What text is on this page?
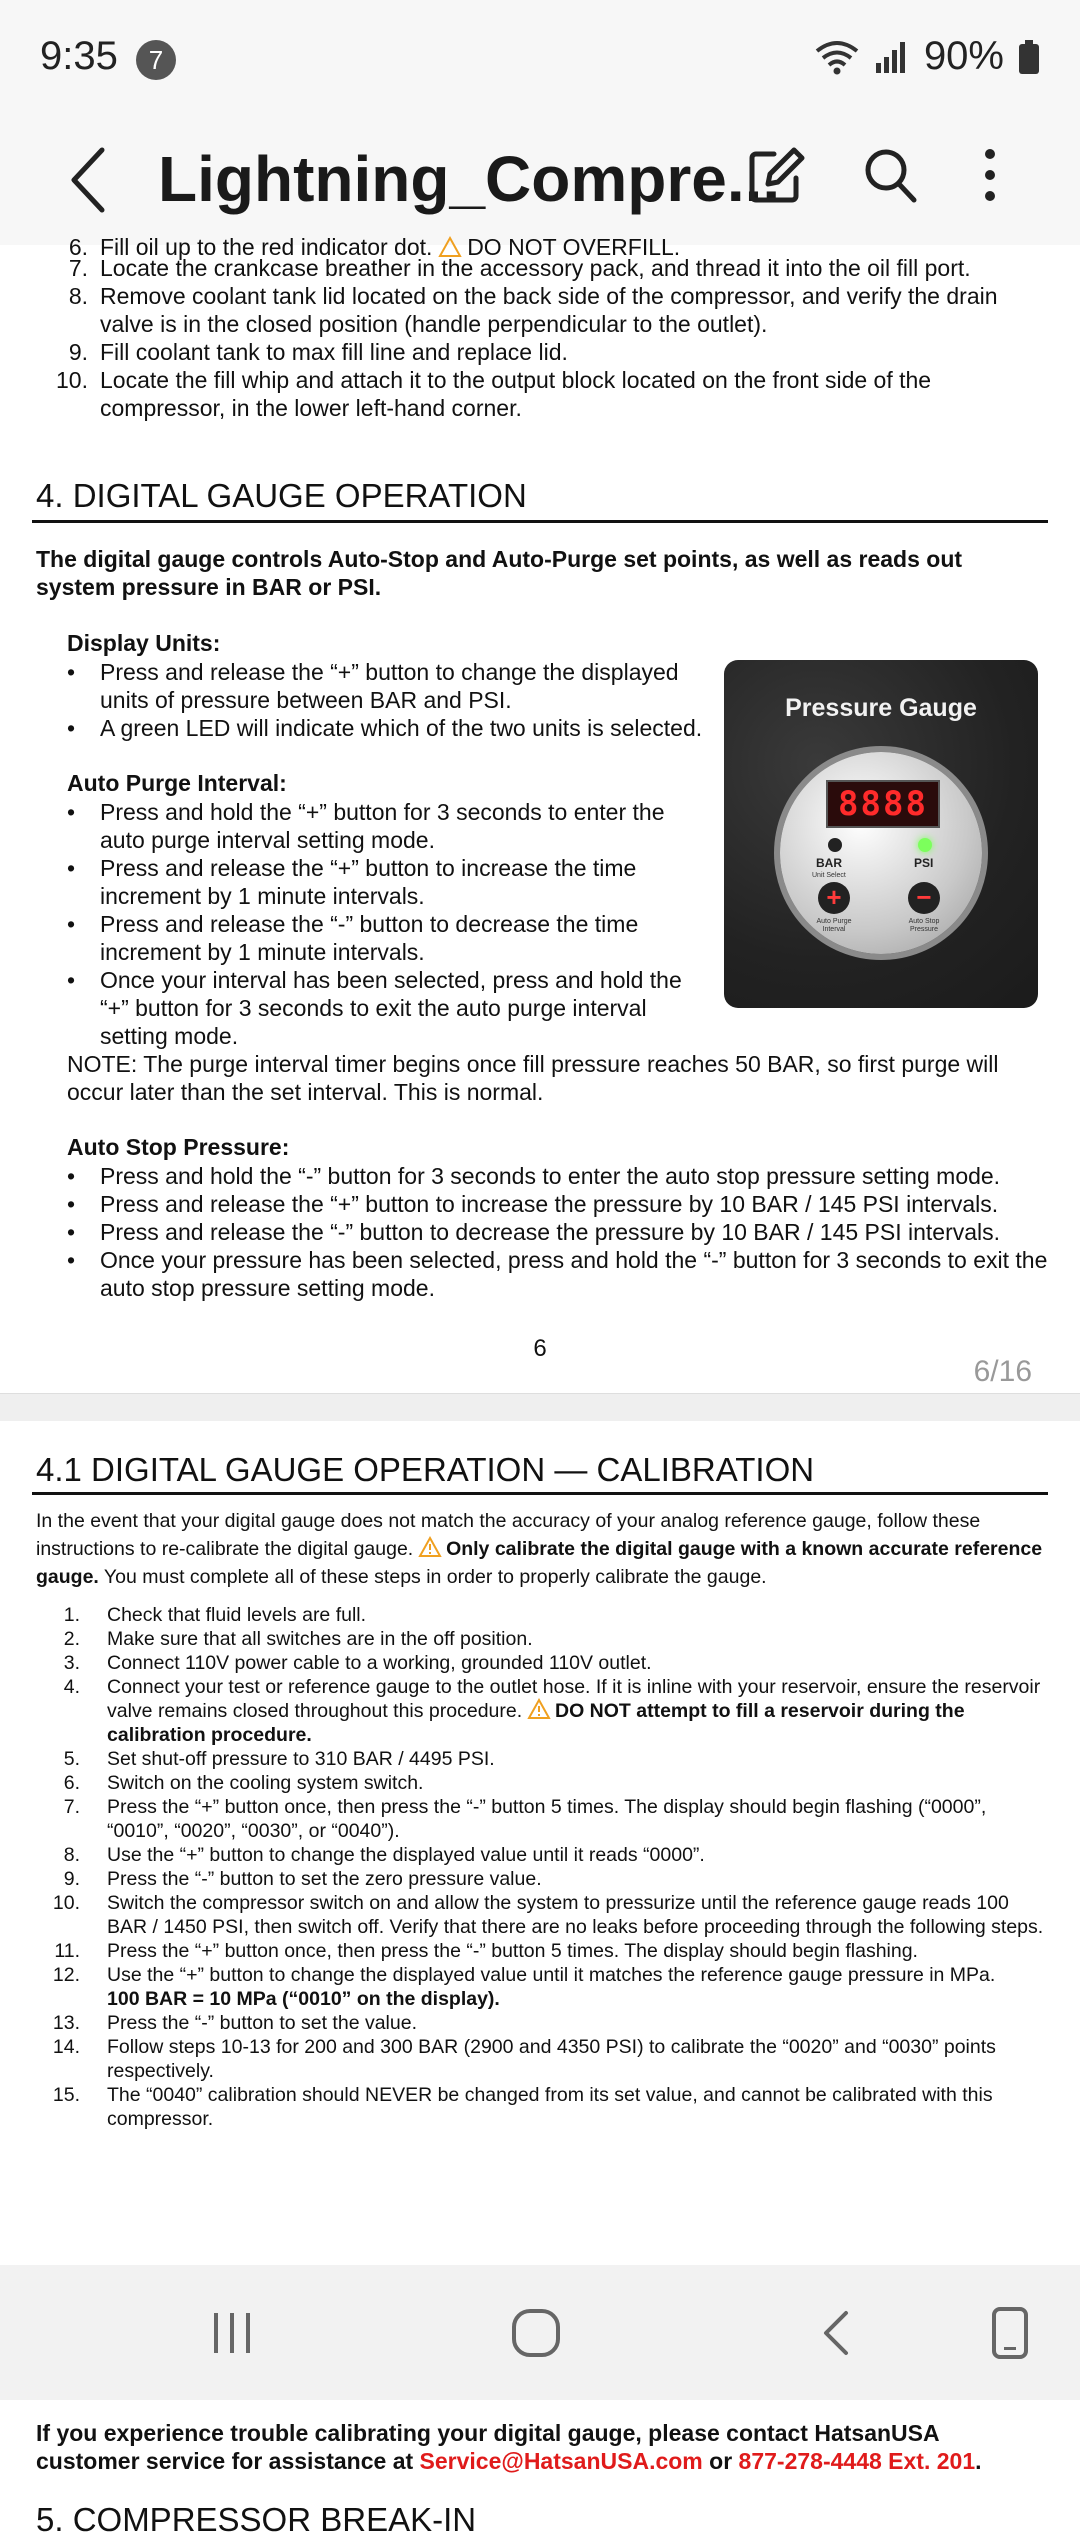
9:35	7	90%
Lightning_Compre...
6. Fill oil up to the red indicator dot. DO NOT OVERFILL.
7. Locate the crankcase breather in the accessory pack, and thread it into the oil fill port.
8. Remove coolant tank lid located on the back side of the compressor, and verify the drain valve is in the closed position (handle perpendicular to the outlet).
9. Fill coolant tank to max fill line and replace lid.
10. Locate the fill whip and attach it to the output block located on the front side of the compressor, in the lower left-hand corner.
4. DIGITAL GAUGE OPERATION
The digital gauge controls Auto-Stop and Auto-Purge set points, as well as reads out system pressure in BAR or PSI.
Display Units:
• Press and release the “+” button to change the displayed units of pressure between BAR and PSI.
• A green LED will indicate which of the two units is selected.
Auto Purge Interval:
• Press and hold the “+” button for 3 seconds to enter the auto purge interval setting mode.
• Press and release the “+” button to increase the time increment by 1 minute intervals.
• Press and release the “-” button to decrease the time increment by 1 minute intervals.
• Once your interval has been selected, press and hold the “+” button for 3 seconds to exit the auto purge interval setting mode.
NOTE: The purge interval timer begins once fill pressure reaches 50 BAR, so first purge will occur later than the set interval. This is normal.
Auto Stop Pressure:
• Press and hold the “-” button for 3 seconds to enter the auto stop pressure setting mode.
• Press and release the “+” button to increase the pressure by 10 BAR / 145 PSI intervals.
• Press and release the “-” button to decrease the pressure by 10 BAR / 145 PSI intervals.
• Once your pressure has been selected, press and hold the “-” button for 3 seconds to exit the auto stop pressure setting mode.
Pressure Gauge
8888
BAR	PSI
Unit Select
+	−
Auto Purge Interval
Auto Stop Pressure
6
6/16
4.1 DIGITAL GAUGE OPERATION — CALIBRATION
In the event that your digital gauge does not match the accuracy of your analog reference gauge, follow these instructions to re-calibrate the digital gauge.  Only calibrate the digital gauge with a known accurate reference gauge. You must complete all of these steps in order to properly calibrate the gauge.
1. Check that fluid levels are full.
2. Make sure that all switches are in the off position.
3. Connect 110V power cable to a working, grounded 110V outlet.
4. Connect your test or reference gauge to the outlet hose. If it is inline with your reservoir, ensure the reservoir valve remains closed throughout this procedure.  DO NOT attempt to fill a reservoir during the calibration procedure.
5. Set shut-off pressure to 310 BAR / 4495 PSI.
6. Switch on the cooling system switch.
7. Press the “+” button once, then press the “-” button 5 times. The display should begin flashing (“0000”, “0010”, “0020”, “0030”, or “0040”).
8. Use the “+” button to change the displayed value until it reads “0000”.
9. Press the “-” button to set the zero pressure value.
10. Switch the compressor switch on and allow the system to pressurize until the reference gauge reads 100 BAR / 1450 PSI, then switch off. Verify that there are no leaks before proceeding through the following steps.
11. Press the “+” button once, then press the “-” button 5 times. The display should begin flashing.
12. Use the “+” button to change the displayed value until it matches the reference gauge pressure in MPa.
100 BAR = 10 MPa (“0010” on the display).
13. Press the “-” button to set the value.
14. Follow steps 10-13 for 200 and 300 BAR (2900 and 4350 PSI) to calibrate the “0020” and “0030” points respectively.
15. The “0040” calibration should NEVER be changed from its set value, and cannot be calibrated with this compressor.
If you experience trouble calibrating your digital gauge, please contact HatsanUSA customer service for assistance at Service@HatsanUSA.com or 877-278-4448 Ext. 201.
5. COMPRESSOR BREAK-IN
